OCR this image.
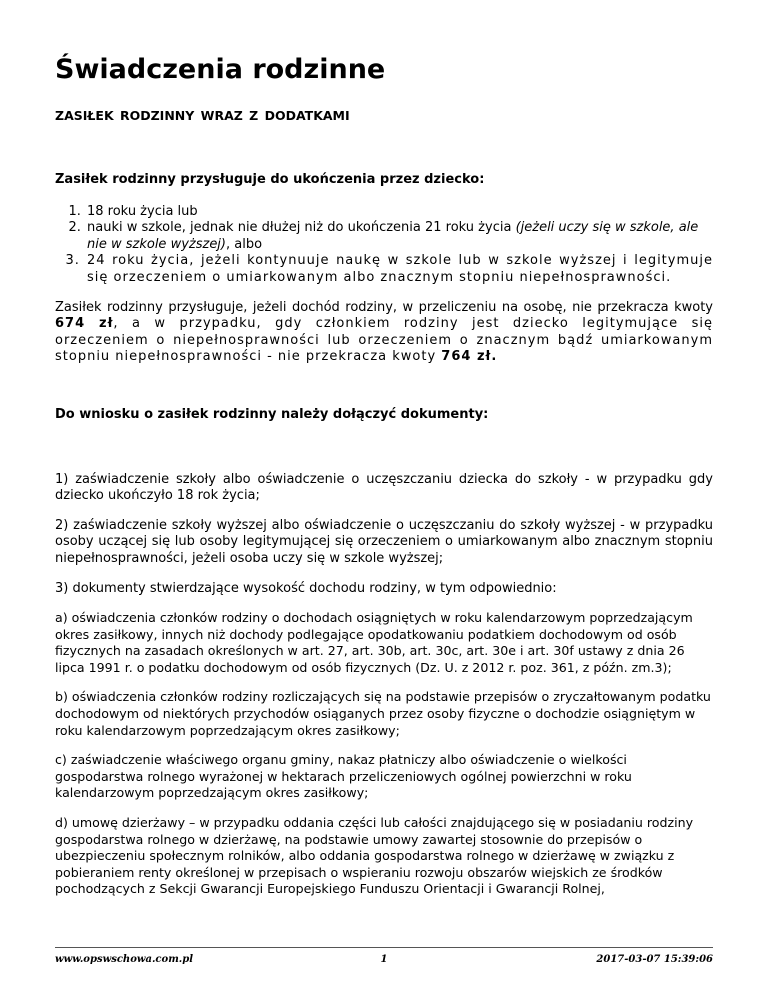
Świadczenia rodzinne
ZASIŁEK RODZINNY WRAZ Z DODATKAMI

Zasiłek rodzinny przysługuje do ukończenia przez dziecko:

1. 18 roku życia lub
2. nauki w szkole, jednak nie dłużej niż do ukończenia 21 roku życia (jeżeli uczy się w szkole, ale nie w szkole wyższej), albo
3. 24 roku życia, jeżeli kontynuuje naukę w szkole lub w szkole wyższej i legitymuje się orzeczeniem o umiarkowanym albo znacznym stopniu niepełnosprawności.

Zasiłek rodzinny przysługuje, jeżeli dochód rodziny, w przeliczeniu na osobę, nie przekracza kwoty 674 zł, a w przypadku, gdy członkiem rodziny jest dziecko legitymujące się orzeczeniem o niepełnosprawności lub orzeczeniem o znacznym bądź umiarkowanym stopniu niepełnosprawności - nie przekracza kwoty 764 zł.

Do wniosku o zasiłek rodzinny należy dołączyć dokumenty:

1) zaświadczenie szkoły albo oświadczenie o uczęszczaniu dziecka do szkoły - w przypadku gdy dziecko ukończyło 18 rok życia;

2) zaświadczenie szkoły wyższej albo oświadczenie o uczęszczaniu do szkoły wyższej - w przypadku osoby uczącej się lub osoby legitymującej się orzeczeniem o umiarkowanym albo znacznym stopniu niepełnosprawności, jeżeli osoba uczy się w szkole wyższej;

3) dokumenty stwierdzające wysokość dochodu rodziny, w tym odpowiednio:

a) oświadczenia członków rodziny o dochodach osiągniętych w roku kalendarzowym poprzedzającym okres zasiłkowy, innych niż dochody podlegające opodatkowaniu podatkiem dochodowym od osób fizycznych na zasadach określonych w art. 27, art. 30b, art. 30c, art. 30e i art. 30f ustawy z dnia 26 lipca 1991 r. o podatku dochodowym od osób fizycznych (Dz. U. z 2012 r. poz. 361, z późn. zm.3);

b) oświadczenia członków rodziny rozliczających się na podstawie przepisów o zryczałtowanym podatku dochodowym od niektórych przychodów osiąganych przez osoby fizyczne o dochodzie osiągniętym w roku kalendarzowym poprzedzającym okres zasiłkowy;

c) zaświadczenie właściwego organu gminy, nakaz płatniczy albo oświadczenie o wielkości gospodarstwa rolnego wyrażonej w hektarach przeliczeniowych ogólnej powierzchni w roku kalendarzowym poprzedzającym okres zasiłkowy;

d) umowę dzierżawy – w przypadku oddania części lub całości znajdującego się w posiadaniu rodziny gospodarstwa rolnego w dzierżawę, na podstawie umowy zawartej stosownie do przepisów o ubezpieczeniu społecznym rolników, albo oddania gospodarstwa rolnego w dzierżawę w związku z pobieraniem renty określonej w przepisach o wspieraniu rozwoju obszarów wiejskich ze środków pochodzących z Sekcji Gwarancji Europejskiego Funduszu Orientacji i Gwarancji Rolnej,

www.opswschowa.com.pl	1	2017-03-07 15:39:06
